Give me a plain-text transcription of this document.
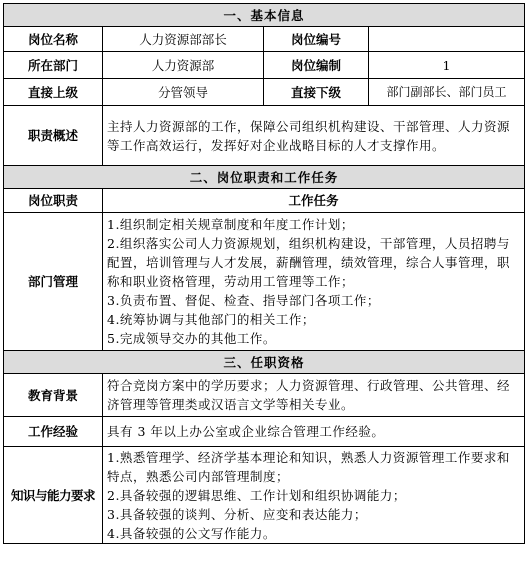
一、基本信息			
岗位名称	人力资源部部长	岗位编号	
所在部门	人力资源部	岗位编制	1
直接上级	分管领导	直接下级	部门副部长、部门员工
职责概述	主持人力资源部的工作，保障公司组织机构建设、干部管理、人力资源等工作高效运行，发挥好对企业战略目标的人才支撑作用。		
二、岗位职责和工作任务			
岗位职责	工作任务		
部门管理	1.组织制定相关规章制度和年度工作计划；
2.组织落实公司人力资源规划，组织机构建设，干部管理，人员招聘与配置，培训管理与人才发展，薪酬管理，绩效管理，综合人事管理，职称和职业资格管理，劳动用工管理等工作；
3.负责布置、督促、检查、指导部门各项工作；
4.统筹协调与其他部门的相关工作；
5.完成领导交办的其他工作。		

三、任职资格			
教育背景	符合竞岗方案中的学历要求；人力资源管理、行政管理、公共管理、经济管理等管理类或汉语言文学等相关专业。		
工作经验	具有 3 年以上办公室或企业综合管理工作经验。		
知识与能力要求	1.熟悉管理学、经济学基本理论和知识，熟悉人力资源管理工作要求和特点，熟悉公司内部管理制度；
2.具备较强的逻辑思维、工作计划和组织协调能力；
3.具备较强的谈判、分析、应变和表达能力；
4.具备较强的公文写作能力。		
